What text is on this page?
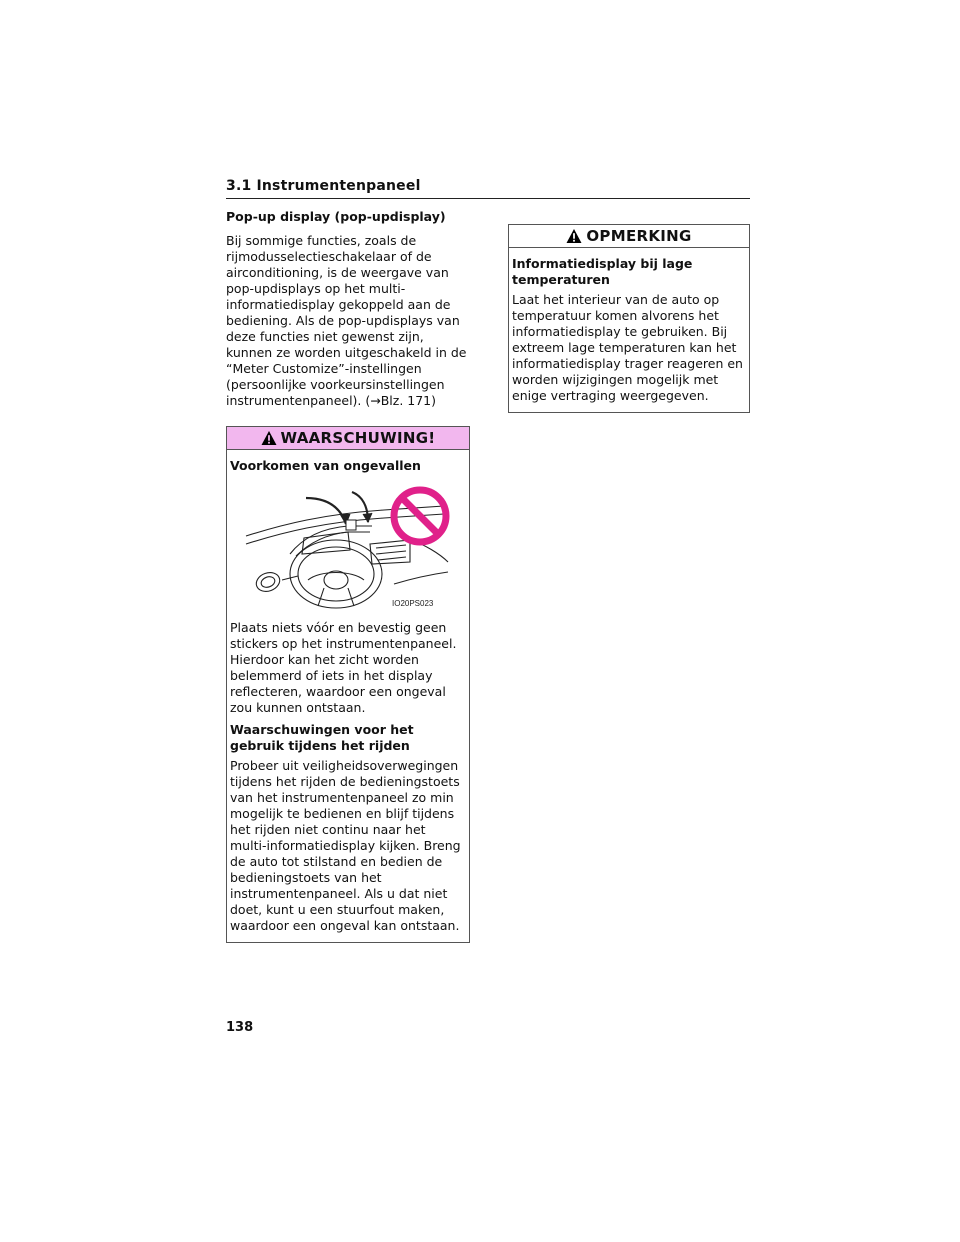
3.1 Instrumentenpaneel
Pop-up display (pop-updisplay)

Bij sommige functies, zoals de rijmodusselectieschakelaar of de airconditioning, is de weergave van pop-updisplays op het multi-informatiedisplay gekoppeld aan de bediening. Als de pop-updisplays van deze functies niet gewenst zijn, kunnen ze worden uitgeschakeld in de “Meter Customize”-instellingen (persoonlijke voorkeursinstellingen instrumentenpaneel). (→Blz. 171)

WAARSCHUWING!
Voorkomen van ongevallen
IO20PS023

Plaats niets vóór en bevestig geen stickers op het instrumentenpaneel. Hierdoor kan het zicht worden belemmerd of iets in het display reflecteren, waardoor een ongeval zou kunnen ontstaan.

Waarschuwingen voor het gebruik tijdens het rijden

Probeer uit veiligheidsoverwegingen tijdens het rijden de bedieningstoets van het instrumentenpaneel zo min mogelijk te bedienen en blijf tijdens het rijden niet continu naar het multi-informatiedisplay kijken. Breng de auto tot stilstand en bedien de bedieningstoets van het instrumentenpaneel. Als u dat niet doet, kunt u een stuurfout maken, waardoor een ongeval kan ontstaan.

OPMERKING
Informatiedisplay bij lage temperaturen

Laat het interieur van de auto op temperatuur komen alvorens het informatiedisplay te gebruiken. Bij extreem lage temperaturen kan het informatiedisplay trager reageren en worden wijzigingen mogelijk met enige vertraging weergegeven.

138
